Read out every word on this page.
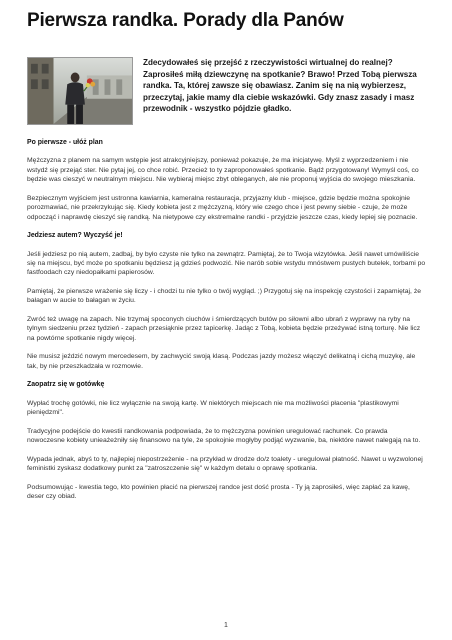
Pierwsza randka. Porady dla Panów

Zdecydowałeś się przejść z rzeczywistości wirtualnej do realnej? Zaprosiłeś miłą dziewczynę na spotkanie? Brawo! Przed Tobą pierwsza randka. Ta, której zawsze się obawiasz. Zanim się na nią wybierzesz, przeczytaj, jakie mamy dla ciebie wskazówki. Gdy znasz zasady i masz przewodnik - wszystko pójdzie gładko.

Po pierwsze - ułóż plan

Mężczyzna z planem na samym wstępie jest atrakcyjniejszy, ponieważ pokazuje, że ma inicjatywę. Myśl z wyprzedzeniem i nie wstydź się przejąć ster. Nie pytaj jej, co chce robić. Przecież to ty zaproponowałeś spotkanie. Bądź przygotowany! Wymyśl coś, co będzie was cieszyć w neutralnym miejscu. Nie wybieraj miejsc zbyt obleganych, ale nie proponuj wyjścia do swojego mieszkania.

Bezpiecznym wyjściem jest ustronna kawiarnia, kameralna restauracja, przyjazny klub - miejsce, gdzie będzie można spokojnie porozmawiać, nie przekrzykując się. Kiedy kobieta jest z mężczyzną, który wie czego chce i jest pewny siebie - czuje, że może odpocząć i naprawdę cieszyć się randką. Na nietypowe czy ekstremalne randki - przyjdzie jeszcze czas, kiedy lepiej się poznacie.

Jedziesz autem? Wyczyść je!

Jeśli jedziesz po nią autem, zadbaj, by było czyste nie tylko na zewnątrz. Pamiętaj, że to Twoja wizytówka. Jeśli nawet umówiliście się na miejscu, być może po spotkaniu będziesz ją gdzieś podwozić. Nie narób sobie wstydu mnóstwem pustych butelek, torbami po fastfoodach czy niedopałkami papierosów.

Pamiętaj, że pierwsze wrażenie się liczy - i chodzi tu nie tylko o twój wygląd. ;) Przygotuj się na inspekcję czystości i zapamiętaj, że bałagan w aucie to bałagan w życiu.

Zwróć też uwagę na zapach. Nie trzymaj spoconych ciuchów i śmierdzących butów po siłowni albo ubrań z wyprawy na ryby na tylnym siedzeniu przez tydzień - zapach przesiąknie przez tapicerkę. Jadąc z Tobą, kobieta będzie przeżywać istną torturę. Nie licz na powtórne spotkanie nigdy więcej.

Nie musisz jeździć nowym mercedesem, by zachwycić swoją klasą. Podczas jazdy możesz włączyć delikatną i cichą muzykę, ale tak, by nie przeszkadzała w rozmowie.

Zaopatrz się w gotówkę

Wypłać trochę gotówki, nie licz wyłącznie na swoją kartę. W niektórych miejscach nie ma możliwości płacenia "plastikowymi pieniędzmi".

Tradycyjne podejście do kwestii randkowania podpowiada, że to mężczyzna powinien uregulować rachunek. Co prawda nowoczesne kobiety unieażeżniły się finansowo na tyle, że spokojnie mogłyby podjąć wyzwanie, ba, niektóre nawet nalegają na to.

Wypada jednak, abyś to ty, najlepiej niepostrzeżenie - na przykład w drodze do/z toalety - uregulował płatność. Nawet u wyzwolonej feministki zyskasz dodatkowy punkt za "zatroszczenie się" w każdym detalu o oprawę spotkania.

Podsumowując - kwestia tego, kto powinien płacić na pierwszej randce jest dość prosta - Ty ją zaprosiłeś, więc zapłać za kawę, deser czy obiad.

1
